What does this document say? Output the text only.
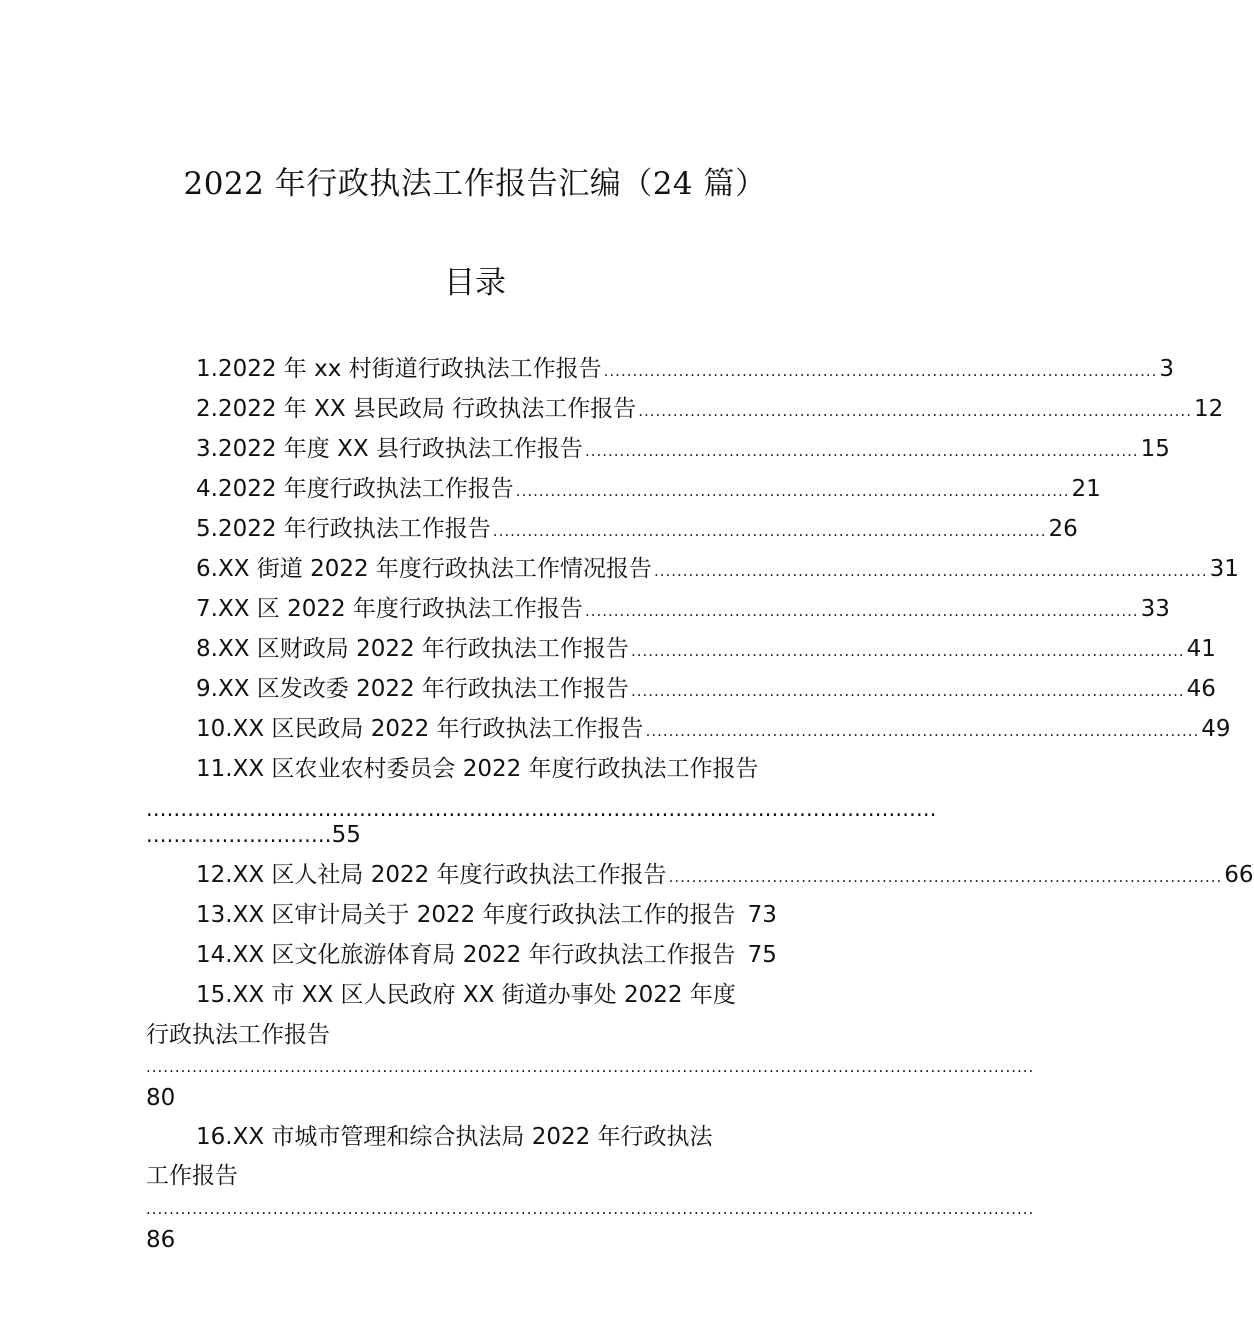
2022 年行政执法工作报告汇编（24 篇）
目录
1.2022 年 xx 村街道行政执法工作报告 ................................................................................................ 3
2.2022 年 XX 县民政局 行政执法工作报告 ................................................................................................ 12
3.2022 年度 XX 县行政执法工作报告 ................................................................................................ 15
4.2022 年度行政执法工作报告 ................................................................................................ 21
5.2022 年行政执法工作报告 ................................................................................................ 26
6.XX 街道 2022 年度行政执法工作情况报告 ................................................................................................ 31
7.XX 区 2022 年度行政执法工作报告 ................................................................................................ 33
8.XX 区财政局 2022 年行政执法工作报告 ................................................................................................ 41
9.XX 区发改委 2022 年行政执法工作报告 ................................................................................................ 46
10.XX 区民政局 2022 年行政执法工作报告 ................................................................................................ 49
11.XX 区农业农村委员会 2022 年度行政执法工作报告
...................................................................................................................
...........................55
12.XX 区人社局 2022 年度行政执法工作报告 ................................................................................................ 66
13.XX 区审计局关于 2022 年度行政执法工作的报告 73
14.XX 区文化旅游体育局 2022 年行政执法工作报告 75
15.XX 市 XX 区人民政府 XX 街道办事处 2022 年度
行政执法工作报告
..........................................................................................................................................................
80
16.XX 市城市管理和综合执法局 2022 年行政执法
工作报告
..........................................................................................................................................................
86
